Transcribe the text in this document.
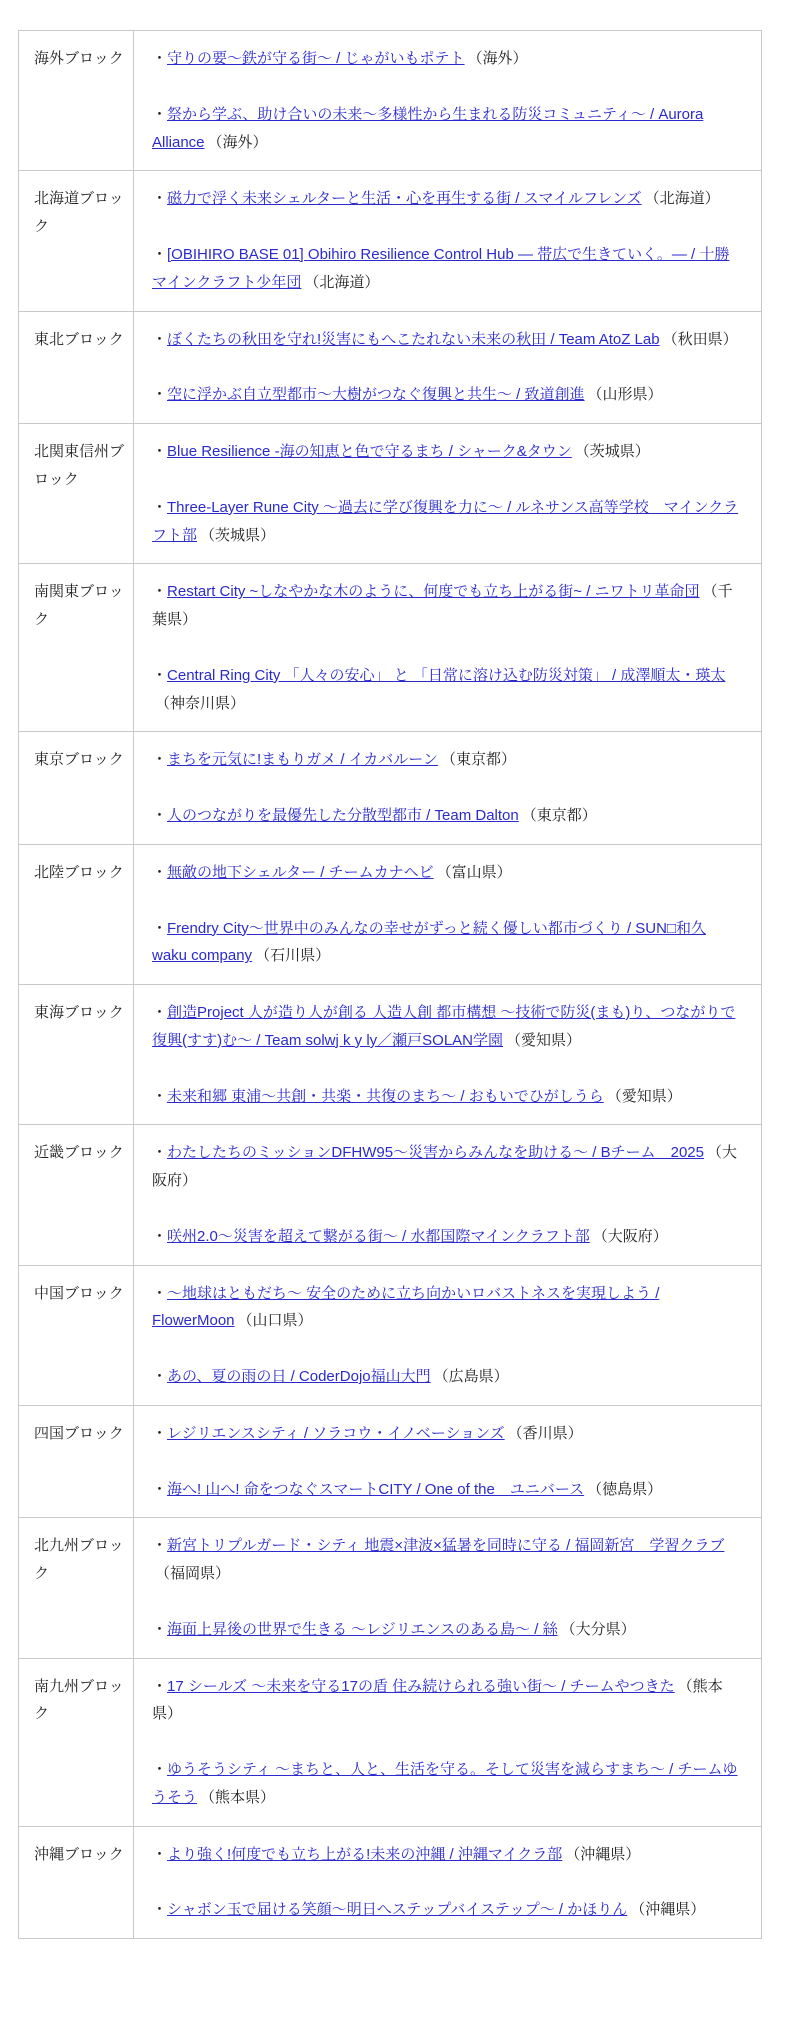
海外ブロック	・守りの要～鉄が守る街～ / じゃがいもポテト （海外）

・祭から学ぶ、助け合いの未来～多様性から生まれる防災コミュニティ～ / Aurora Alliance （海外）

北海道ブロック	・磁力で浮く未来シェルターと生活・心を再生する街 / スマイルフレンズ （北海道）

・[OBIHIRO BASE 01] Obihiro Resilience Control Hub — 帯広で生きていく。— / 十勝マインクラフト少年団 （北海道）

東北ブロック	・ぼくたちの秋田を守れ!災害にもへこたれない未来の秋田 / Team AtoZ Lab （秋田県）

・空に浮かぶ自立型都市～大樹がつなぐ復興と共生～ / 致道創進 （山形県）

北関東信州ブロック	・Blue Resilience -海の知恵と色で守るまち / シャーク&タウン （茨城県）

・Three-Layer Rune City ～過去に学び復興を力に～ / ルネサンス高等学校　マインクラフト部 （茨城県）

南関東ブロック	・Restart City ~しなやかな木のように、何度でも立ち上がる街~ / ニワトリ革命団 （千葉県）

・Central Ring City 「人々の安心」 と 「日常に溶け込む防災対策」 / 成澤順太・瑛太（神奈川県）

東京ブロック	・まちを元気に!まもりガメ / イカバルーン （東京都）

・人のつながりを最優先した分散型都市 / Team Dalton （東京都）

北陸ブロック	・無敵の地下シェルター / チームカナヘビ （富山県）

・Frendry City～世界中のみんなの幸せがずっと続く優しい都市づくり / SUN□和久 waku company （石川県）

東海ブロック	・創造Project 人が造り人が創る 人造人創 都市構想 ～技術で防災(まも)り、つながりで復興(すす)む～ / Team solwj k y ly／瀬戸SOLAN学園 （愛知県）

・未来和郷 東浦～共創・共楽・共復のまち～ / おもいでひがしうら （愛知県）

近畿ブロック	・わたしたちのミッションDFHW95～災害からみんなを助ける～ / Bチーム　2025 （大阪府）

・咲州2.0～災害を超えて繋がる街～ / 水都国際マインクラフト部 （大阪府）

中国ブロック	・～地球はともだち～ 安全のために立ち向かいロバストネスを実現しよう / FlowerMoon （山口県）

・あの、夏の雨の日 / CoderDojo福山大門 （広島県）

四国ブロック	・レジリエンスシティ / ソラコウ・イノベーションズ （香川県）

・海へ! 山へ! 命をつなぐスマートCITY / One of the　ユニバース （徳島県）

北九州ブロック	・新宮トリプルガード・シティ 地震×津波×猛暑を同時に守る / 福岡新宮　学習クラブ（福岡県）

・海面上昇後の世界で生きる ～レジリエンスのある島～ / 絲 （大分県）

南九州ブロック	・17 シールズ ～未来を守る17の盾 住み続けられる強い街～ / チームやつきた （熊本県）

・ゆうそうシティ ～まちと、人と、生活を守る。そして災害を減らすまち～ / チームゆうそう （熊本県）

沖縄ブロック	・より強く!何度でも立ち上がる!未来の沖縄 / 沖縄マイクラ部 （沖縄県）

・シャボン玉で届ける笑顔～明日へステップバイステップ～ / かほりん （沖縄県）
